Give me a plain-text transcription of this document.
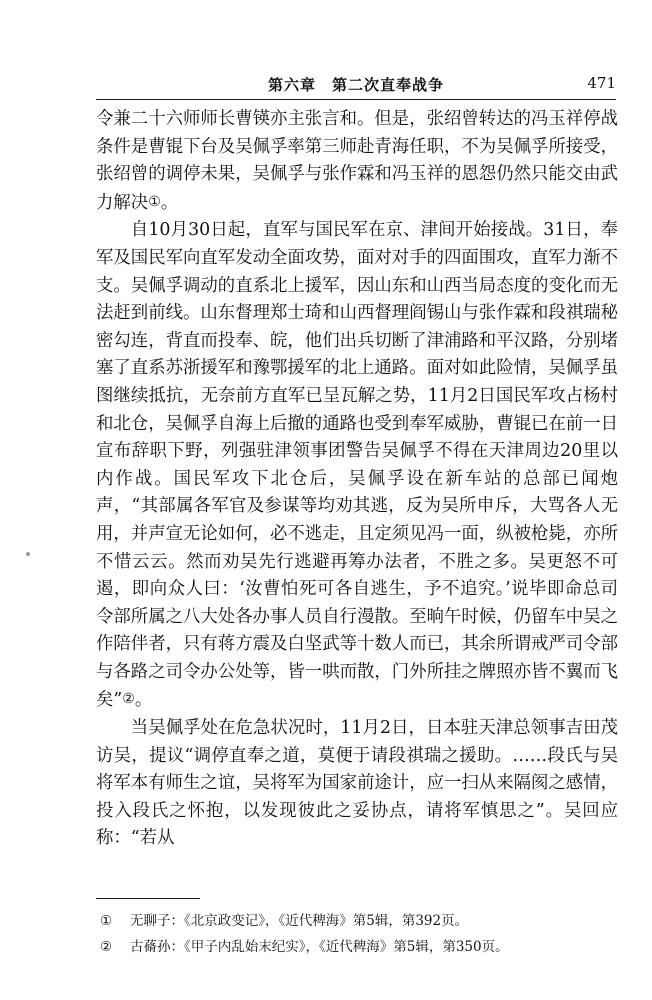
第六章　第二次直奉战争	471

令兼二十六师师长曹锳亦主张言和。但是，张绍曾转达的冯玉祥停战条件是曹锟下台及吴佩孚率第三师赴青海任职，不为吴佩孚所接受，张绍曾的调停未果，吴佩孚与张作霖和冯玉祥的恩怨仍然只能交由武力解决①。

自10月30日起，直军与国民军在京、津间开始接战。31日，奉军及国民军向直军发动全面攻势，面对对手的四面围攻，直军力渐不支。吴佩孚调动的直系北上援军，因山东和山西当局态度的变化而无法赶到前线。山东督理郑士琦和山西督理阎锡山与张作霖和段祺瑞秘密勾连，背直而投奉、皖，他们出兵切断了津浦路和平汉路，分别堵塞了直系苏浙援军和豫鄂援军的北上通路。面对如此险情，吴佩孚虽图继续抵抗，无奈前方直军已呈瓦解之势，11月2日国民军攻占杨村和北仓，吴佩孚自海上后撤的通路也受到奉军威胁，曹锟已在前一日宣布辞职下野，列强驻津领事团警告吴佩孚不得在天津周边20里以内作战。国民军攻下北仓后，吴佩孚设在新车站的总部已闻炮声，“其部属各军官及参谋等均劝其逃，反为吴所申斥，大骂各人无用，并声宣无论如何，必不逃走，且定须见冯一面，纵被枪毙，亦所不惜云云。然而劝吴先行逃避再筹办法者，不胜之多。吴更怒不可遏，即向众人曰：‘汝曹怕死可各自逃生，予不追究。’说毕即命总司令部所属之八大处各办事人员自行漫散。至晌午时候，仍留车中吴之作陪伴者，只有蒋方震及白坚武等十数人而已，其余所谓戒严司令部与各路之司令办公处等，皆一哄而散，门外所挂之牌照亦皆不翼而飞矣”②。

当吴佩孚处在危急状况时，11月2日，日本驻天津总领事吉田茂访吴，提议“调停直奉之道，莫便于请段祺瑞之援助。……段氏与吴将军本有师生之谊，吴将军为国家前途计，应一扫从来隔阂之感情，投入段氏之怀抱，以发现彼此之妥协点，请将军慎思之”。吴回应称：“若从

①	无聊子：《北京政变记》，《近代稗海》第5辑，第392页。
②	古蓨孙：《甲子内乱始末纪实》，《近代稗海》第5辑，第350页。
